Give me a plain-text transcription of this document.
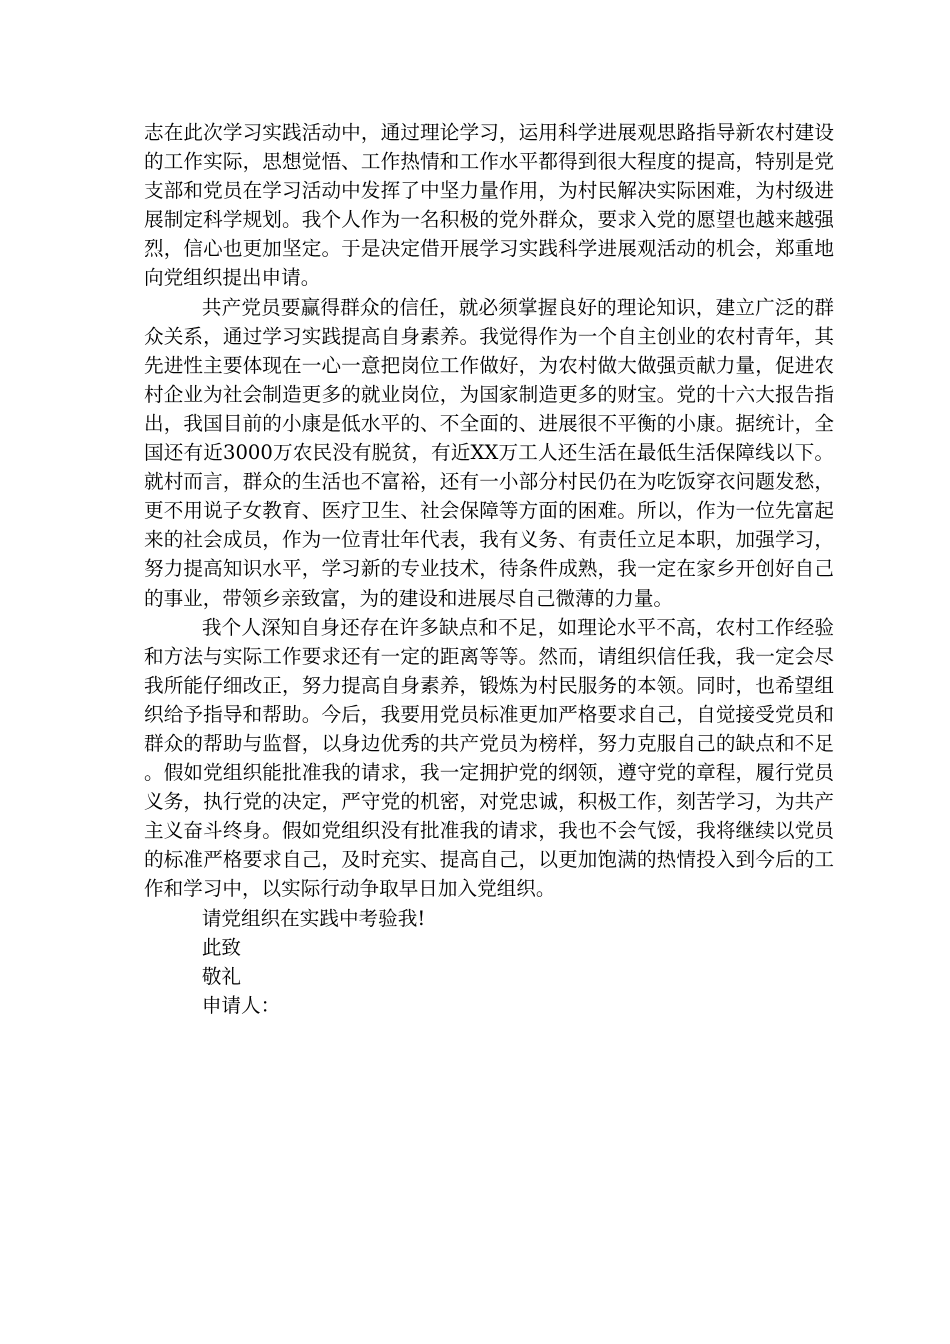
志在此次学习实践活动中，通过理论学习，运用科学进展观思路指导新农村建设的工作实际，思想觉悟、工作热情和工作水平都得到很大程度的提高，特别是党支部和党员在学习活动中发挥了中坚力量作用，为村民解决实际困难，为村级进展制定科学规划。我个人作为一名积极的党外群众，要求入党的愿望也越来越强烈，信心也更加坚定。于是决定借开展学习实践科学进展观活动的机会，郑重地向党组织提出申请。

共产党员要赢得群众的信任，就必须掌握良好的理论知识，建立广泛的群众关系，通过学习实践提高自身素养。我觉得作为一个自主创业的农村青年，其先进性主要体现在一心一意把岗位工作做好，为农村做大做强贡献力量，促进农村企业为社会制造更多的就业岗位，为国家制造更多的财宝。党的十六大报告指出，我国目前的小康是低水平的、不全面的、进展很不平衡的小康。据统计，全国还有近3000万农民没有脱贫，有近XX万工人还生活在最低生活保障线以下。就村而言，群众的生活也不富裕，还有一小部分村民仍在为吃饭穿衣问题发愁，更不用说子女教育、医疗卫生、社会保障等方面的困难。所以，作为一位先富起来的社会成员，作为一位青壮年代表，我有义务、有责任立足本职，加强学习，努力提高知识水平，学习新的专业技术，待条件成熟，我一定在家乡开创好自己的事业，带领乡亲致富，为的建设和进展尽自己微薄的力量。

我个人深知自身还存在许多缺点和不足，如理论水平不高，农村工作经验和方法与实际工作要求还有一定的距离等等。然而，请组织信任我，我一定会尽我所能仔细改正，努力提高自身素养，锻炼为村民服务的本领。同时，也希望组织给予指导和帮助。今后，我要用党员标准更加严格要求自己，自觉接受党员和群众的帮助与监督，以身边优秀的共产党员为榜样，努力克服自己的缺点和不足。假如党组织能批准我的请求，我一定拥护党的纲领，遵守党的章程，履行党员义务，执行党的决定，严守党的机密，对党忠诚，积极工作，刻苦学习，为共产主义奋斗终身。假如党组织没有批准我的请求，我也不会气馁，我将继续以党员的标准严格要求自己，及时充实、提高自己，以更加饱满的热情投入到今后的工作和学习中，以实际行动争取早日加入党组织。

请党组织在实践中考验我!

此致

敬礼

申请人：
